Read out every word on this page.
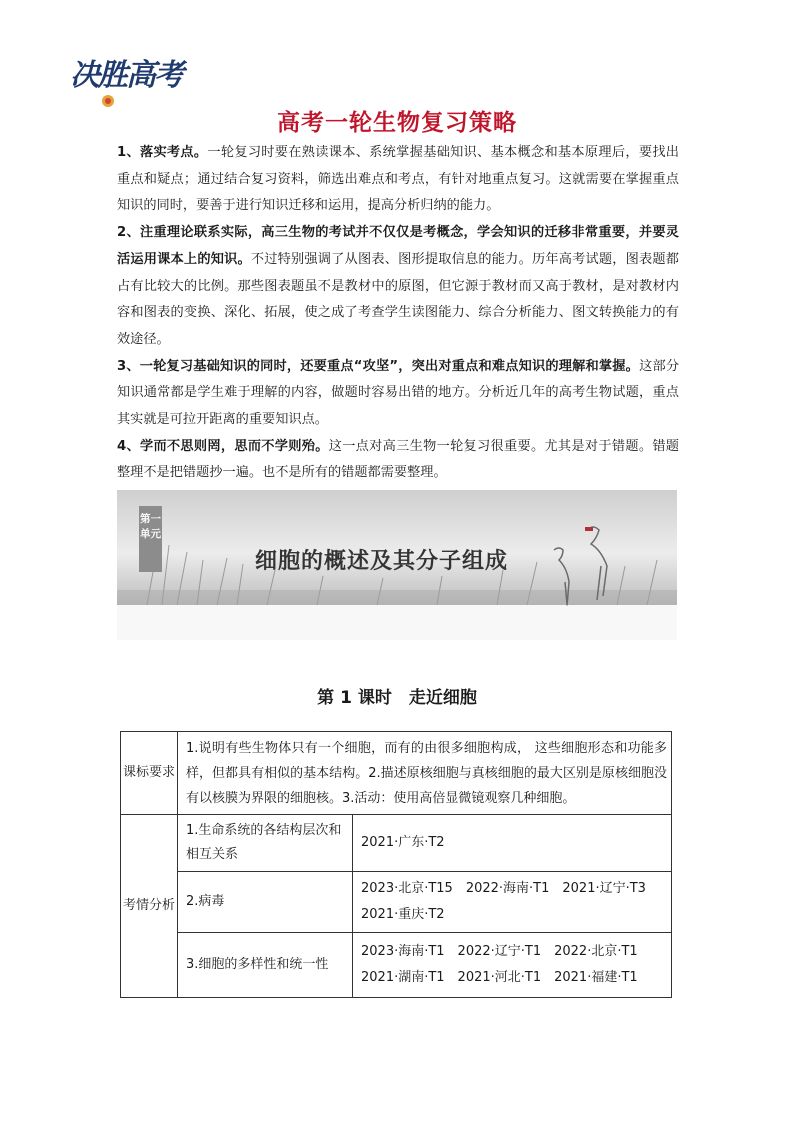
决胜高考
高考一轮生物复习策略

1、落实考点。一轮复习时要在熟读课本、系统掌握基础知识、基本概念和基本原理后，要找出重点和疑点；通过结合复习资料，筛选出难点和考点，有针对地重点复习。这就需要在掌握重点知识的同时，要善于进行知识迁移和运用，提高分析归纳的能力。

2、注重理论联系实际，高三生物的考试并不仅仅是考概念，学会知识的迁移非常重要，并要灵活运用课本上的知识。不过特别强调了从图表、图形提取信息的能力。历年高考试题，图表题都占有比较大的比例。那些图表题虽不是教材中的原图，但它源于教材而又高于教材，是对教材内容和图表的变换、深化、拓展，使之成了考查学生读图能力、综合分析能力、图文转换能力的有效途径。

3、一轮复习基础知识的同时，还要重点“攻坚”，突出对重点和难点知识的理解和掌握。这部分知识通常都是学生难于理解的内容，做题时容易出错的地方。分析近几年的高考生物试题，重点其实就是可拉开距离的重要知识点。

4、学而不思则罔，思而不学则殆。这一点对高三生物一轮复习很重要。尤其是对于错题。错题整理不是把错题抄一遍。也不是所有的错题都需要整理。

第一单元
细胞的概述及其分子组成
第 1 课时　走近细胞
课标要求	1.说明有些生物体只有一个细胞，而有的由很多细胞构成， 这些细胞形态和功能多样，但都具有相似的基本结构。2.描述原核细胞与真核细胞的最大区别是原核细胞没有以核膜为界限的细胞核。3.活动：使用高倍显微镜观察几种细胞。	
考情分析	1.生命系统的各结构层次和相互关系	2021·广东·T2

	2.病毒	2023·北京·T15　2022·海南·T1　2021·辽宁·T3
2021·重庆·T2

	3.细胞的多样性和统一性	2023·海南·T1　2022·辽宁·T1　2022·北京·T1
2021·湖南·T1　2021·河北·T1　2021·福建·T1
